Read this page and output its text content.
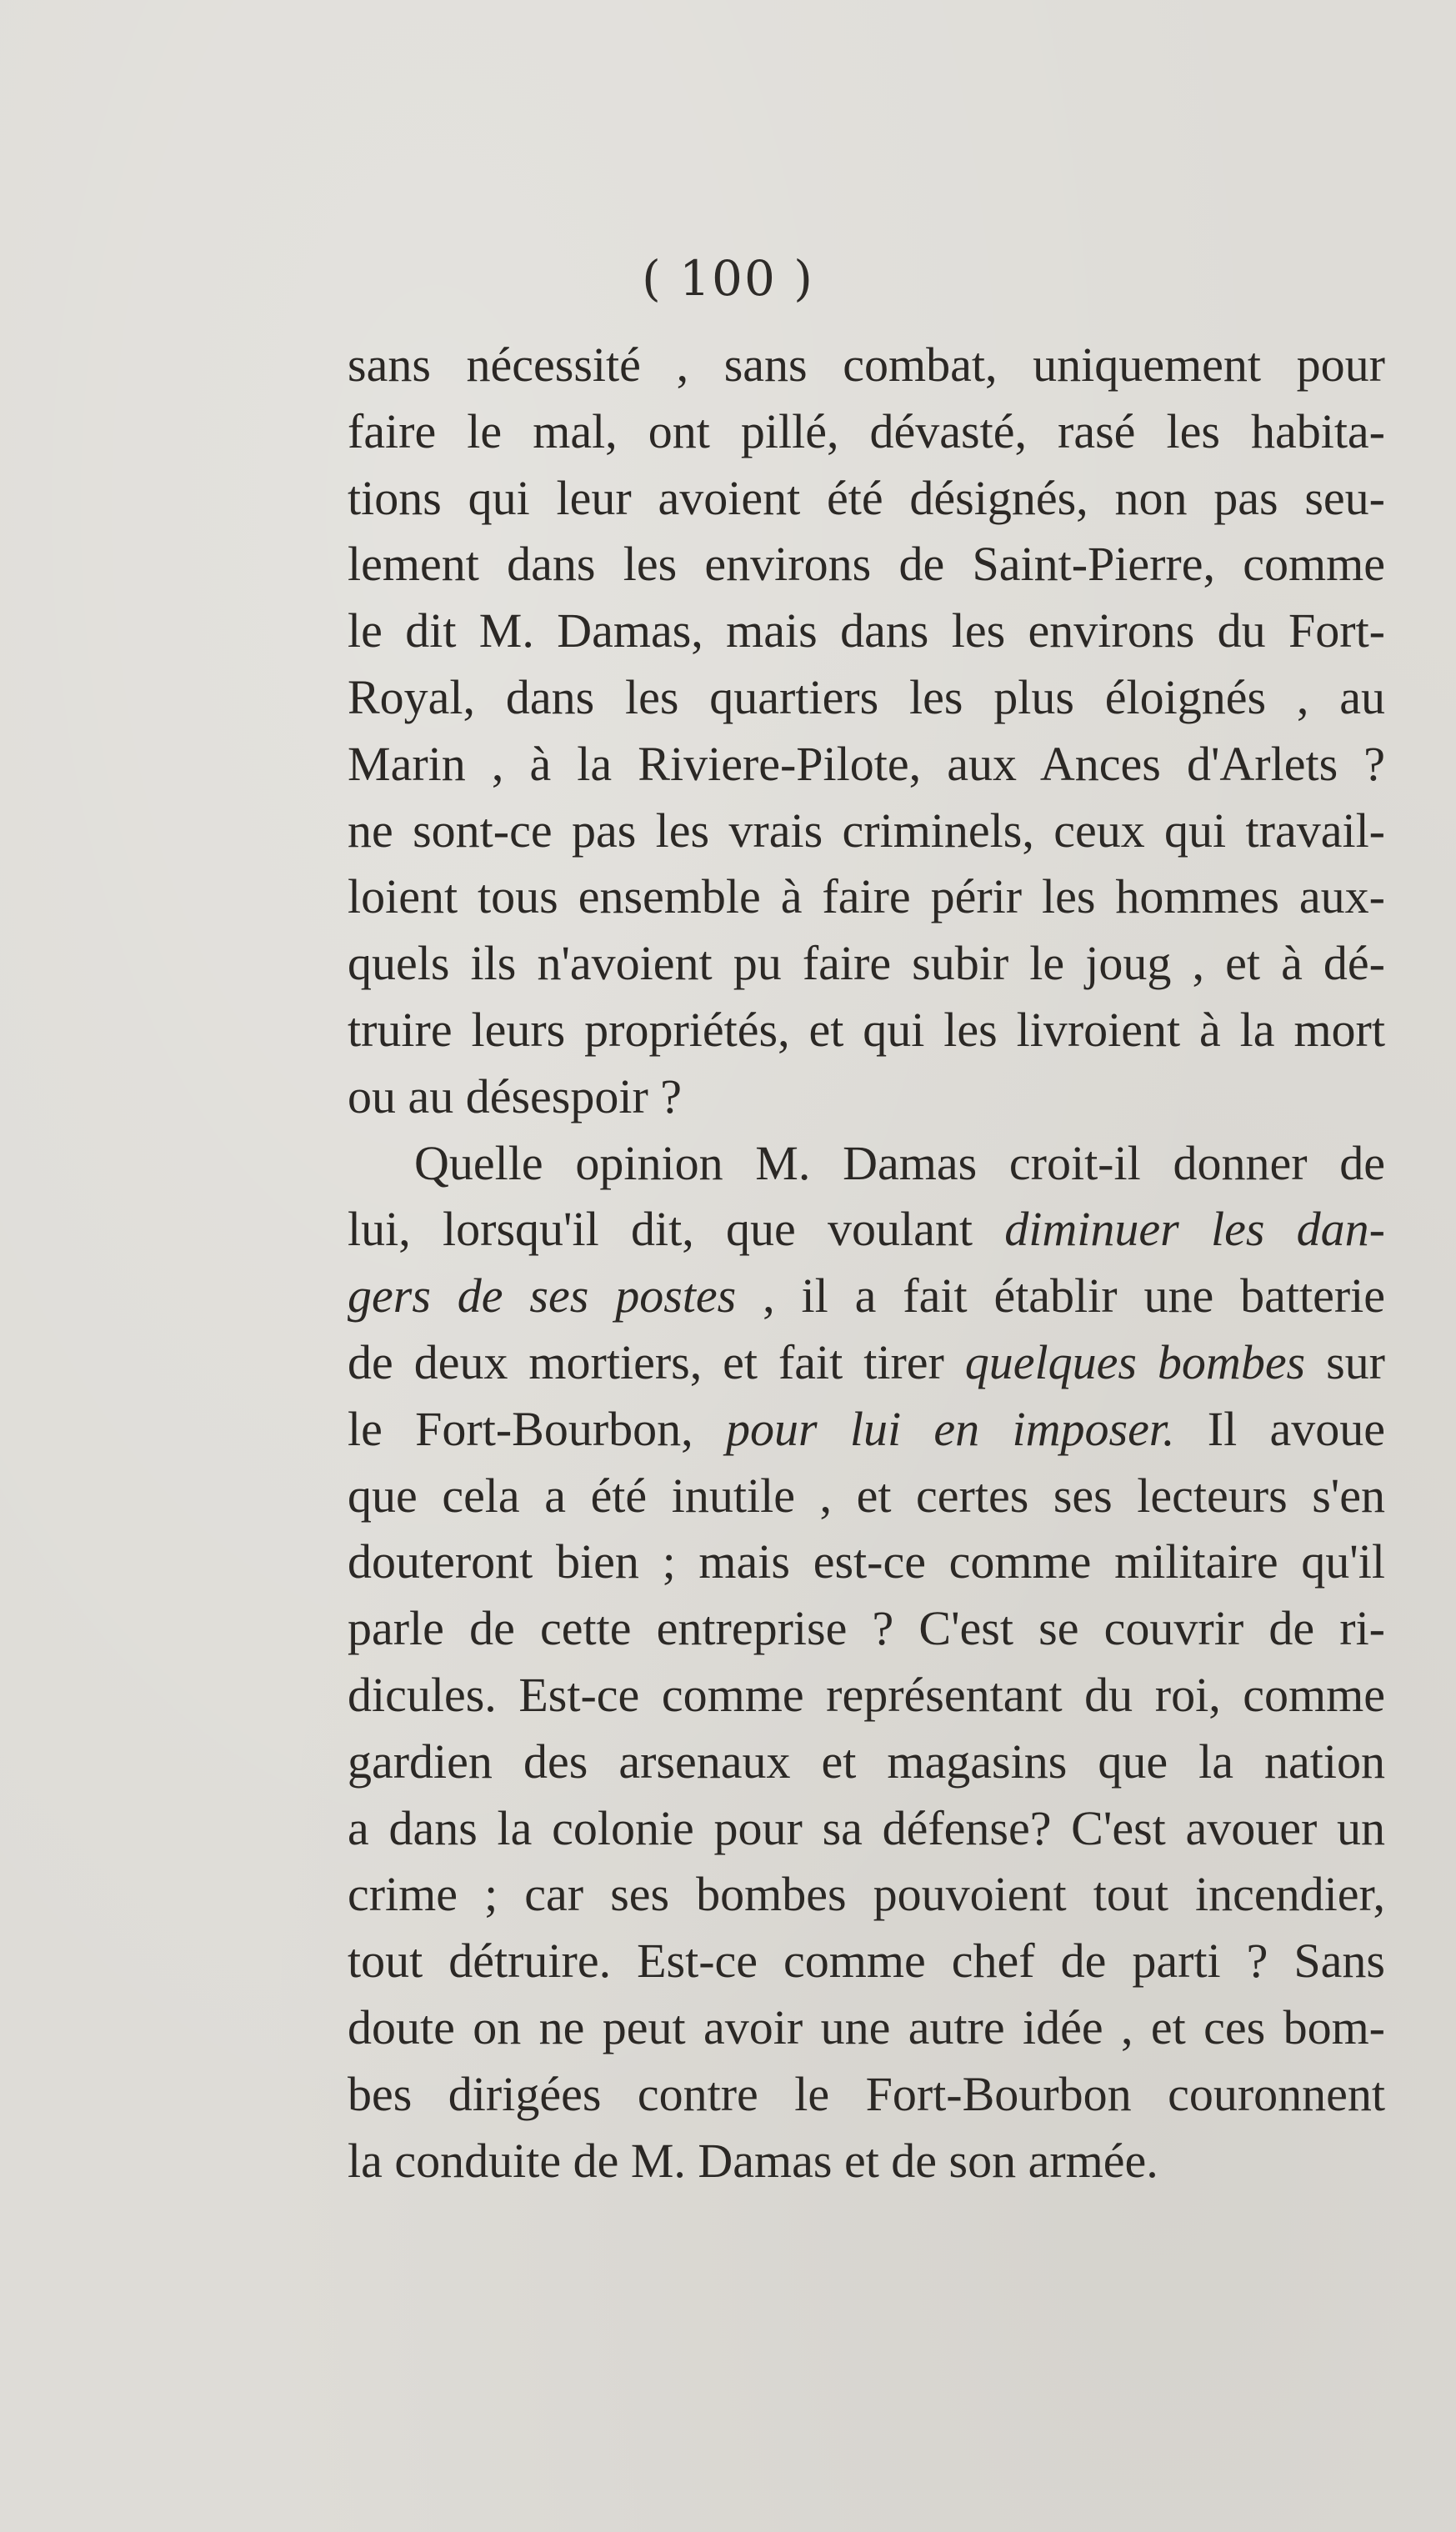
( 100 )
sans nécessité , sans combat, uniquement pour
faire le mal, ont pillé, dévasté, rasé les habita-
tions qui leur avoient été désignés, non pas seu-
lement dans les environs de Saint-Pierre, comme
le dit M. Damas, mais dans les environs du Fort-
Royal, dans les quartiers les plus éloignés , au
Marin , à la Riviere-Pilote, aux Ances d'Arlets ?
ne sont-ce pas les vrais criminels, ceux qui travail-
loient tous ensemble à faire périr les hommes aux-
quels ils n'avoient pu faire subir le joug , et à dé-
truire leurs propriétés, et qui les livroient à la mort
ou au désespoir ?
Quelle opinion M. Damas croit-il donner de
lui, lorsqu'il dit, que voulant diminuer les dan-
gers de ses postes , il a fait établir une batterie
de deux mortiers, et fait tirer quelques bombes sur
le Fort-Bourbon, pour lui en imposer. Il avoue
que cela a été inutile , et certes ses lecteurs s'en
douteront bien ; mais est-ce comme militaire qu'il
parle de cette entreprise ? C'est se couvrir de ri-
dicules. Est-ce comme représentant du roi, comme
gardien des arsenaux et magasins que la nation
a dans la colonie pour sa défense? C'est avouer un
crime ; car ses bombes pouvoient tout incendier,
tout détruire. Est-ce comme chef de parti ? Sans
doute on ne peut avoir une autre idée , et ces bom-
bes dirigées contre le Fort-Bourbon couronnent
la conduite de M. Damas et de son armée.
